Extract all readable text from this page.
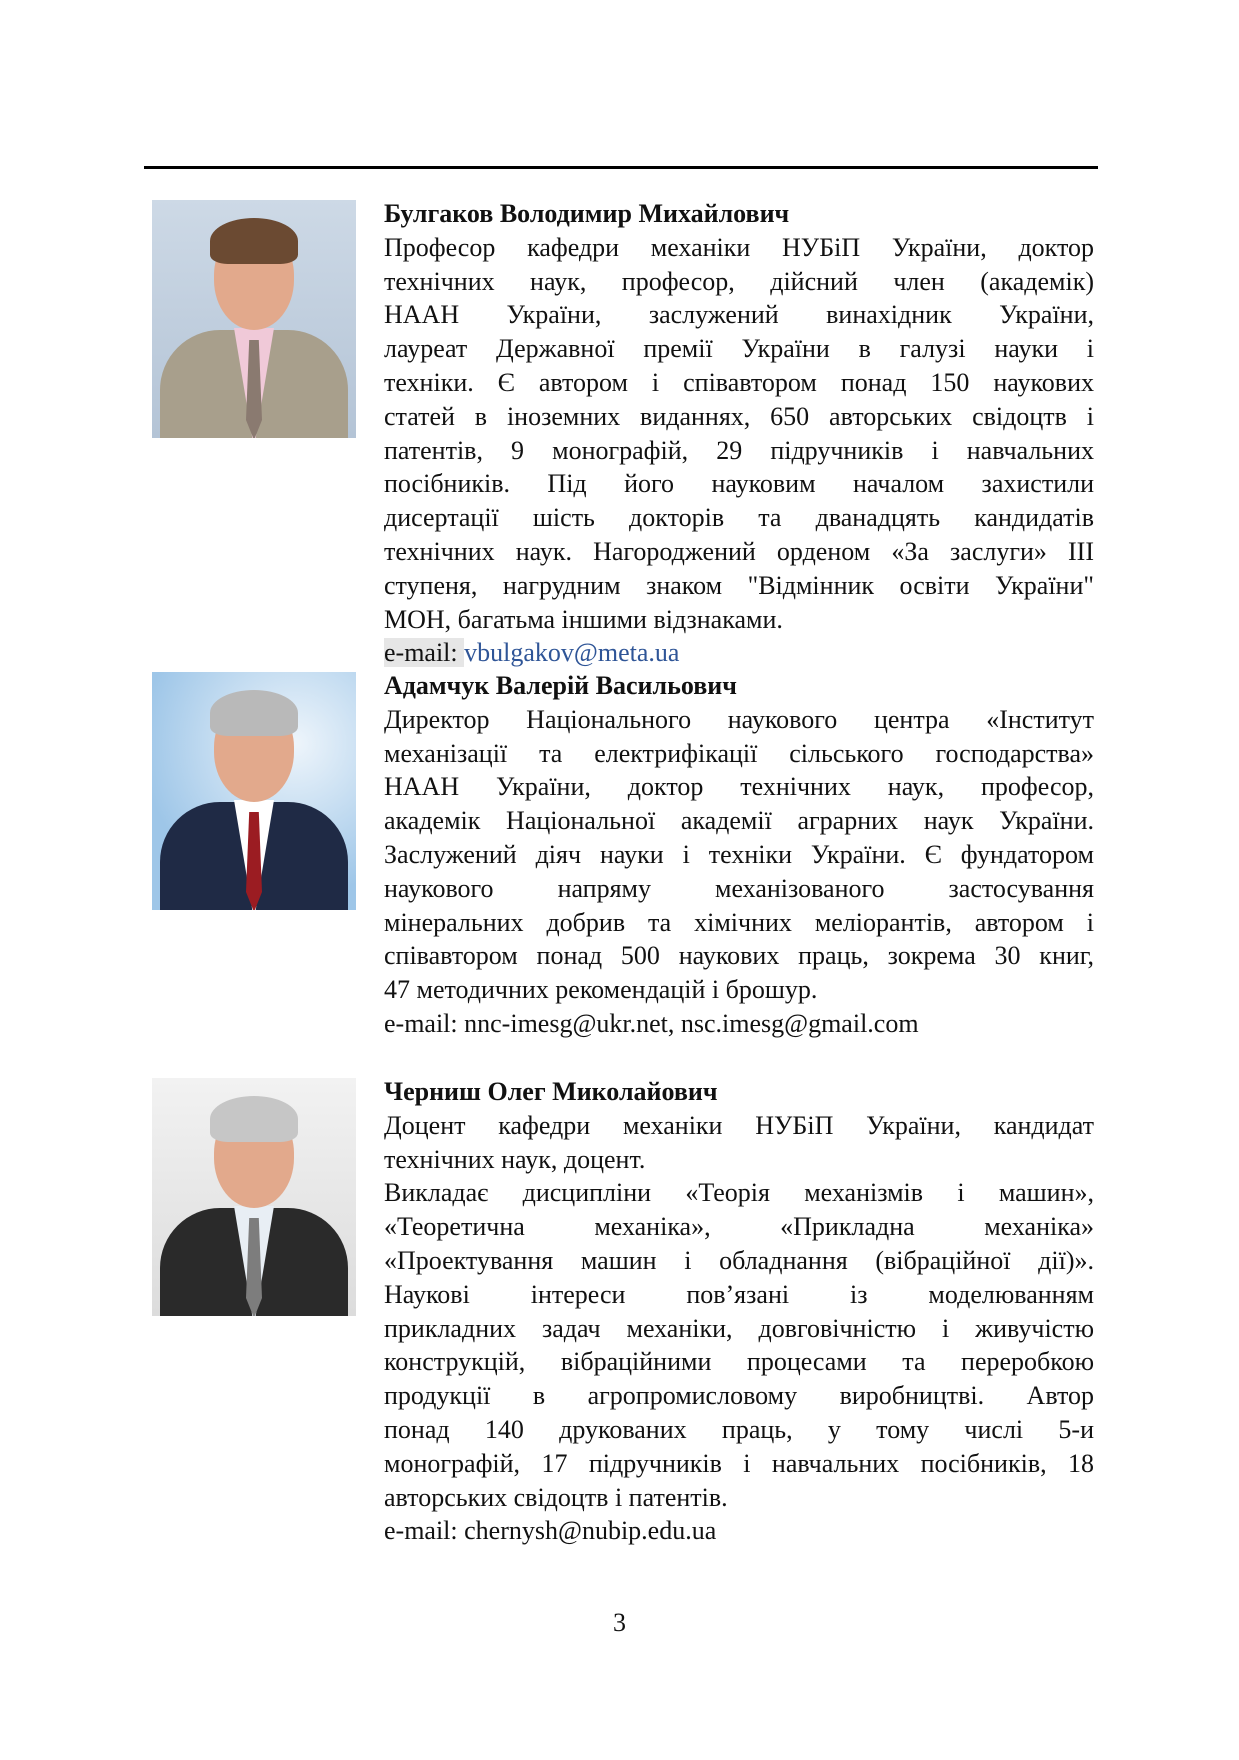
Булгаков Володимир Михайлович
Професор кафедри механіки НУБіП України, доктор
технічних наук, професор, дійсний член (академік)
НААН України, заслужений винахідник України,
лауреат Державної премії України в галузі науки і
техніки. Є автором і співавтором понад 150 наукових
статей в іноземних виданнях, 650 авторських свідоцтв і
патентів, 9 монографій, 29 підручників і навчальних
посібників. Під його науковим началом захистили
дисертації шість докторів та дванадцять кандидатів
технічних наук. Нагороджений орденом «За заслуги» ІІІ
ступеня, нагрудним знаком "Відмінник освіти України"
МОН, багатьма іншими відзнаками.
e-mail: vbulgakov@meta.ua
Адамчук Валерій Васильович
Директор Національного наукового центра «Інститут
механізації та електрифікації сільського господарства»
НААН України, доктор технічних наук, професор,
академік Національної академії аграрних наук України.
Заслужений діяч науки і техніки України. Є фундатором
наукового напряму механізованого застосування
мінеральних добрив та хімічних меліорантів, автором і
співавтором понад 500 наукових праць, зокрема 30 книг,
47 методичних рекомендацій і брошур.
e-mail: nnc-imesg@ukr.net, nsc.imesg@gmail.com
Черниш Олег Миколайович
Доцент кафедри механіки НУБіП України, кандидат
технічних наук, доцент.
Викладає дисципліни «Теорія механізмів і машин»,
«Теоретична механіка», «Прикладна механіка»
«Проектування машин і обладнання (вібраційної дії)».
Наукові інтереси пов’язані із моделюванням
прикладних задач механіки, довговічністю і живучістю
конструкцій, вібраційними процесами та переробкою
продукції в агропромисловому виробництві. Автор
понад 140 друкованих праць, у тому числі 5-и
монографій, 17 підручників і навчальних посібників, 18
авторських свідоцтв і патентів.
e-mail: chernysh@nubip.edu.ua
3
